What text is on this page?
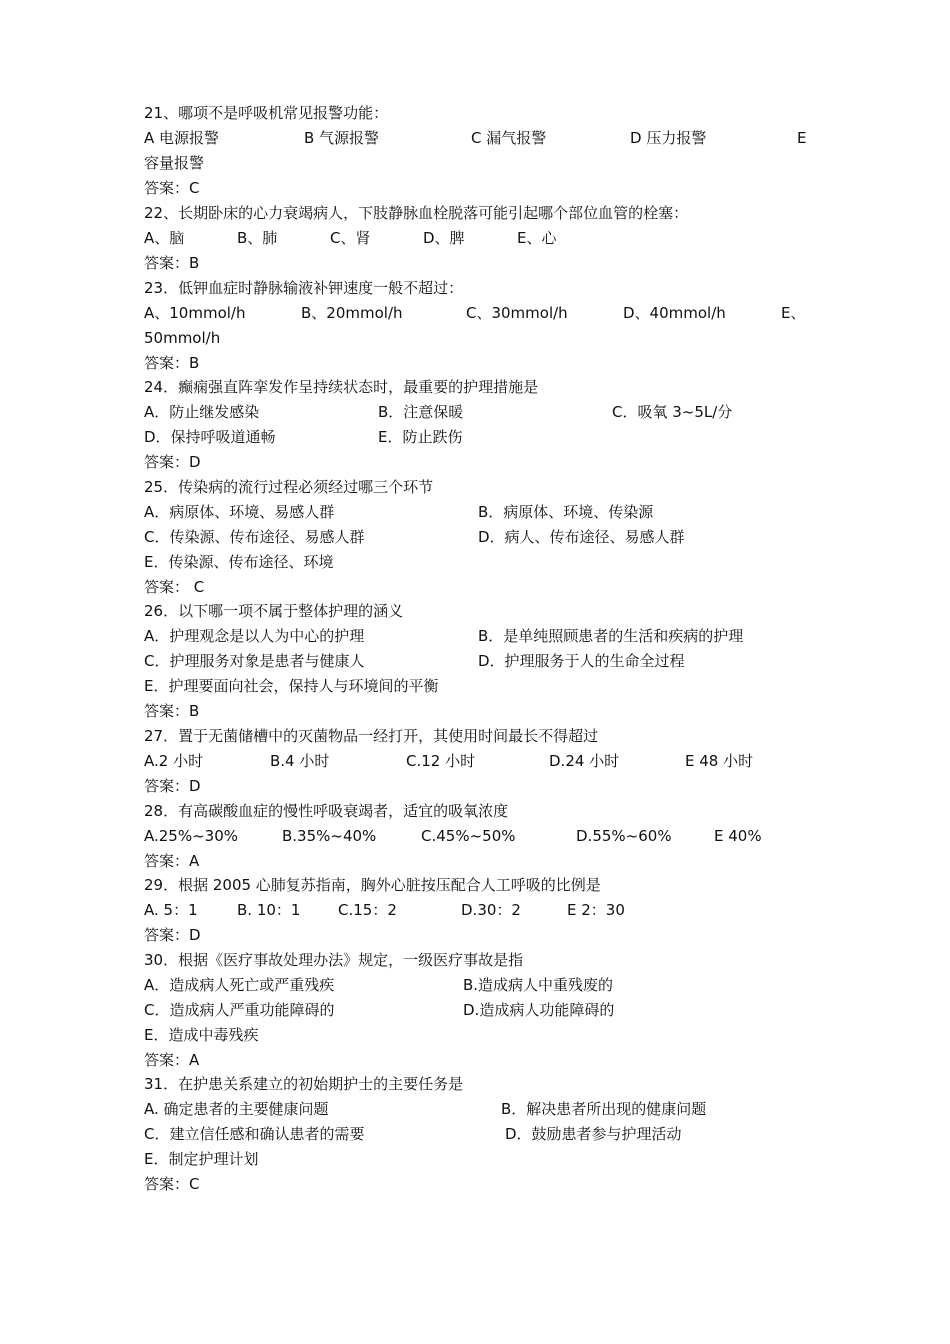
21、哪项不是呼吸机常见报警功能：
A 电源报警	B 气源报警	C 漏气报警	D 压力报警	E
容量报警
答案：C
22、长期卧床的心力衰竭病人，下肢静脉血栓脱落可能引起哪个部位血管的栓塞：
A、脑	B、肺	C、肾	D、脾	E、心
答案：B
23．低钾血症时静脉输液补钾速度一般不超过：
A、10mmol/h	B、20mmol/h	C、30mmol/h	D、40mmol/h	E、
50mmol/h
答案：B
24．癫痫强直阵挛发作呈持续状态时，最重要的护理措施是
A．防止继发感染	B．注意保暖	C．吸氧 3~5L/分
D．保持呼吸道通畅	E．防止跌伤
答案：D
25．传染病的流行过程必须经过哪三个环节
A．病原体、环境、易感人群	B．病原体、环境、传染源
C．传染源、传布途径、易感人群	D．病人、传布途径、易感人群
E．传染源、传布途径、环境
答案： C
26．以下哪一项不属于整体护理的涵义
A．护理观念是以人为中心的护理	B．是单纯照顾患者的生活和疾病的护理
C．护理服务对象是患者与健康人	D．护理服务于人的生命全过程
E．护理要面向社会，保持人与环境间的平衡
答案：B
27．置于无菌储槽中的灭菌物品一经打开，其使用时间最长不得超过
A.2 小时	B.4 小时	C.12 小时	D.24 小时	E 48 小时
答案：D
28．有高碳酸血症的慢性呼吸衰竭者，适宜的吸氧浓度
A.25%~30%	B.35%~40%	C.45%~50%	D.55%~60%	E 40%
答案：A
29．根据 2005 心肺复苏指南，胸外心脏按压配合人工呼吸的比例是
A. 5：1	B. 10：1	C.15：2	D.30：2	E 2：30
答案：D
30．根据《医疗事故处理办法》规定，一级医疗事故是指
A．造成病人死亡或严重残疾	B.造成病人中重残废的
C．造成病人严重功能障碍的	D.造成病人功能障碍的
E．造成中毒残疾
答案：A
31．在护患关系建立的初始期护士的主要任务是
A. 确定患者的主要健康问题	B．解决患者所出现的健康问题
C．建立信任感和确认患者的需要	D．鼓励患者参与护理活动
E．制定护理计划
答案：C
